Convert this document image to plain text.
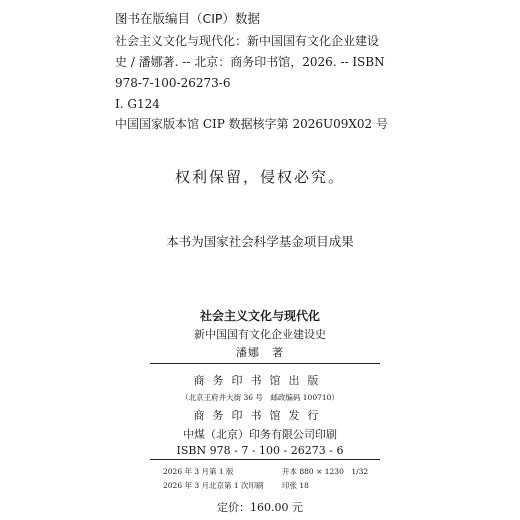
图书在版编目（CIP）数据
社会主义文化与现代化：新中国国有文化企业建设
史 / 潘娜著. -- 北京：商务印书馆，2026. -- ISBN
978-7-100-26273-6
Ⅰ. G124
中国国家版本馆 CIP 数据核字第 2026U09X02 号
权利保留，侵权必究。
本书为国家社会科学基金项目成果
社会主义文化与现代化
新中国国有文化企业建设史
潘娜　著
商务印书馆出版
（北京王府井大街 36 号　邮政编码 100710）
商务印书馆发行
中煤（北京）印务有限公司印刷
ISBN 978 - 7 - 100 - 26273 - 6
2026 年 3 月第 1 版
2026 年 3 月北京第 1 次印刷
开本 880 × 1230　1/32
印张 18
定价：160.00 元
